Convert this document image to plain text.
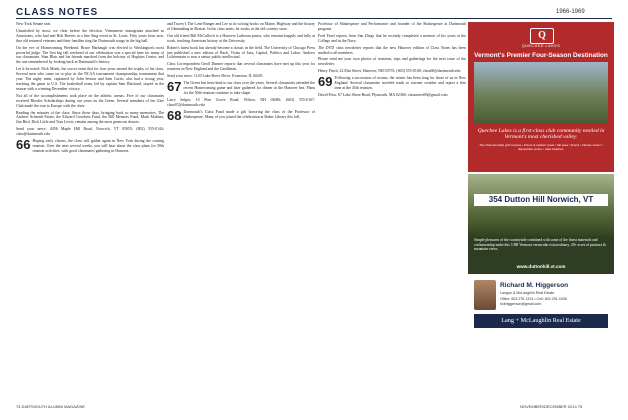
CLASS NOTES	1966-1969

New York Senate seat.

Unsatisfied by most, we clear before the election, Vietnamese immigrants attached as Americans, who had met Bob Reeves at a fine Sing event in St. Louis. Fifty years from now, fine old returned veterans and their families sing the Dartmouth songs in the big hall.

On the eve of Homecoming Weekend, Bruce Harbaugh was elected to Washington's most powerful judge. The first big fall weekend of our celebration was a special time for many of our classmates. Stan Blair and his friends marched from the balcony of Hopkins Center, and the one remembered by looking back at Dartmouth's history.

Let it be noted: Nick Monk, the soccer team that for four years earned the trophy of his class. Several men who came on to play in the NCAA tournament championship tournament that year. The rugby team, captained by John Sexton and Sam Curtis, also had a strong year, teaching the game to U.S. The basketball team, led by captain Sam Blackard, stayed in the season with a winning December victory.

Not all of the accomplishments took place on the athletic arenas. Five of our classmates received Rhodes Scholarships during our years on the Green. Several members of the Glee Club made the tour to Europe with the choir.

Reading the minutes of the class: Since those days, bringing back so many memories. The Andrew Schmidt Estate, the Edward Goodwin Fund, the Bill Menzies Fund, Mark Makhay, Jim Bird, Dick Little and Tom Lewis, remain among the most generous donors.

Send your news: 4456 Maple Hill Road, Norwich, VT 05055; (802) 555-0144; class@dartmouth.edu

66 Hoping early classes, the class will gather again in New York during the coming reunion. Over the next several weeks, you will hear about the class plans for 50th reunion activities, with good classmates gathering in Hanover.

and Tracey's The Lone Ranger and Lee at its writing books on Maine, Highway and the history of filmmaking in Boston. In his class notes, he works at the old country store.

Our old friend Bill McCulloch is a Hanover Lutheran pastor, who remains happily and fully at work, teaching American history at the University.

Robert's latest book has already become a classic in the field. The University of Chicago Press just published a new edition of Bach, Vistas of Jazz, Capitol, Politics and Labor: Andrew Lichtenstein is now a senior public intellectual.

Class Correspondent Geoff Dunner reports that several classmates have met up this year for reunions in New England and the Caribbean.

Send your news: 1120 Lake Shore Drive, Evanston, IL 60201.

67 The Green has been kind to our class over the years. Several classmates attended the recent Homecoming game and later gathered for dinner at the Hanover Inn. Plans for the 50th reunion continue to take shape.

Larry Selger, 10 Pine Grove Road, Wilton, NH 03086; (603) 555-0167; class67@dartmouth.edu

68 Dartmouth's Class Fund made a gift honoring the class of the Professor of Shakespeare. Many of you joined the celebration at Baker Library this fall.

Professor of Shakespeare and Performance and founder of the Shakespeare at Dartmouth program.

Fred Fasel reports from San Diego that he recently completed a memoir of his years at the College and in the Navy.

The DVD class newsletter reports that the new Hanover edition of Class Notes has been mailed to all members.

Please send me your own photos of reunions, trips and gatherings for the next issue of the newsletter.

Henry Finch, 22 Elm Street, Hanover, NH 03755; (603) 555-0168; class68@dartmouth.edu

69 Following a succession of storms, the winter has been long for those of us in New England. Several classmates traveled south to warmer weather and report a fine time at the 45th reunion.

David Prior, 67 Lake Shore Road, Plymouth, MA 02360; classnotes69@gmail.com

Q
QUECHEE LAKES
Vermont's Premier Four-Season Destination
Quechee Lakes is a first-class club community nestled in Vermont's most cherished valley.
Two championship golf courses • Indoor & outdoor pools • Ski area • Tennis • Fitness center • Equestrian center • Lake beaches
354 Dutton Hill Norwich, VT
Simple pleasures of the countryside combined with some of the finest materials and craftsmanship make this 5 BR Vermont vernacular extraordinary. 20+ acres of pastures & mountain views.
www.duttonhill.vt.com
Richard M. Higgerson
Langue & McLaughlin Real Estate
Office: 603.276.1313 • Cell: 802.291.0436
rickhiggerson@gmail.com
Lang + McLaughlin Real Estate
74 DARTMOUTH ALUMNI MAGAZINE	NOVEMBER/DECEMBER 2014 75
